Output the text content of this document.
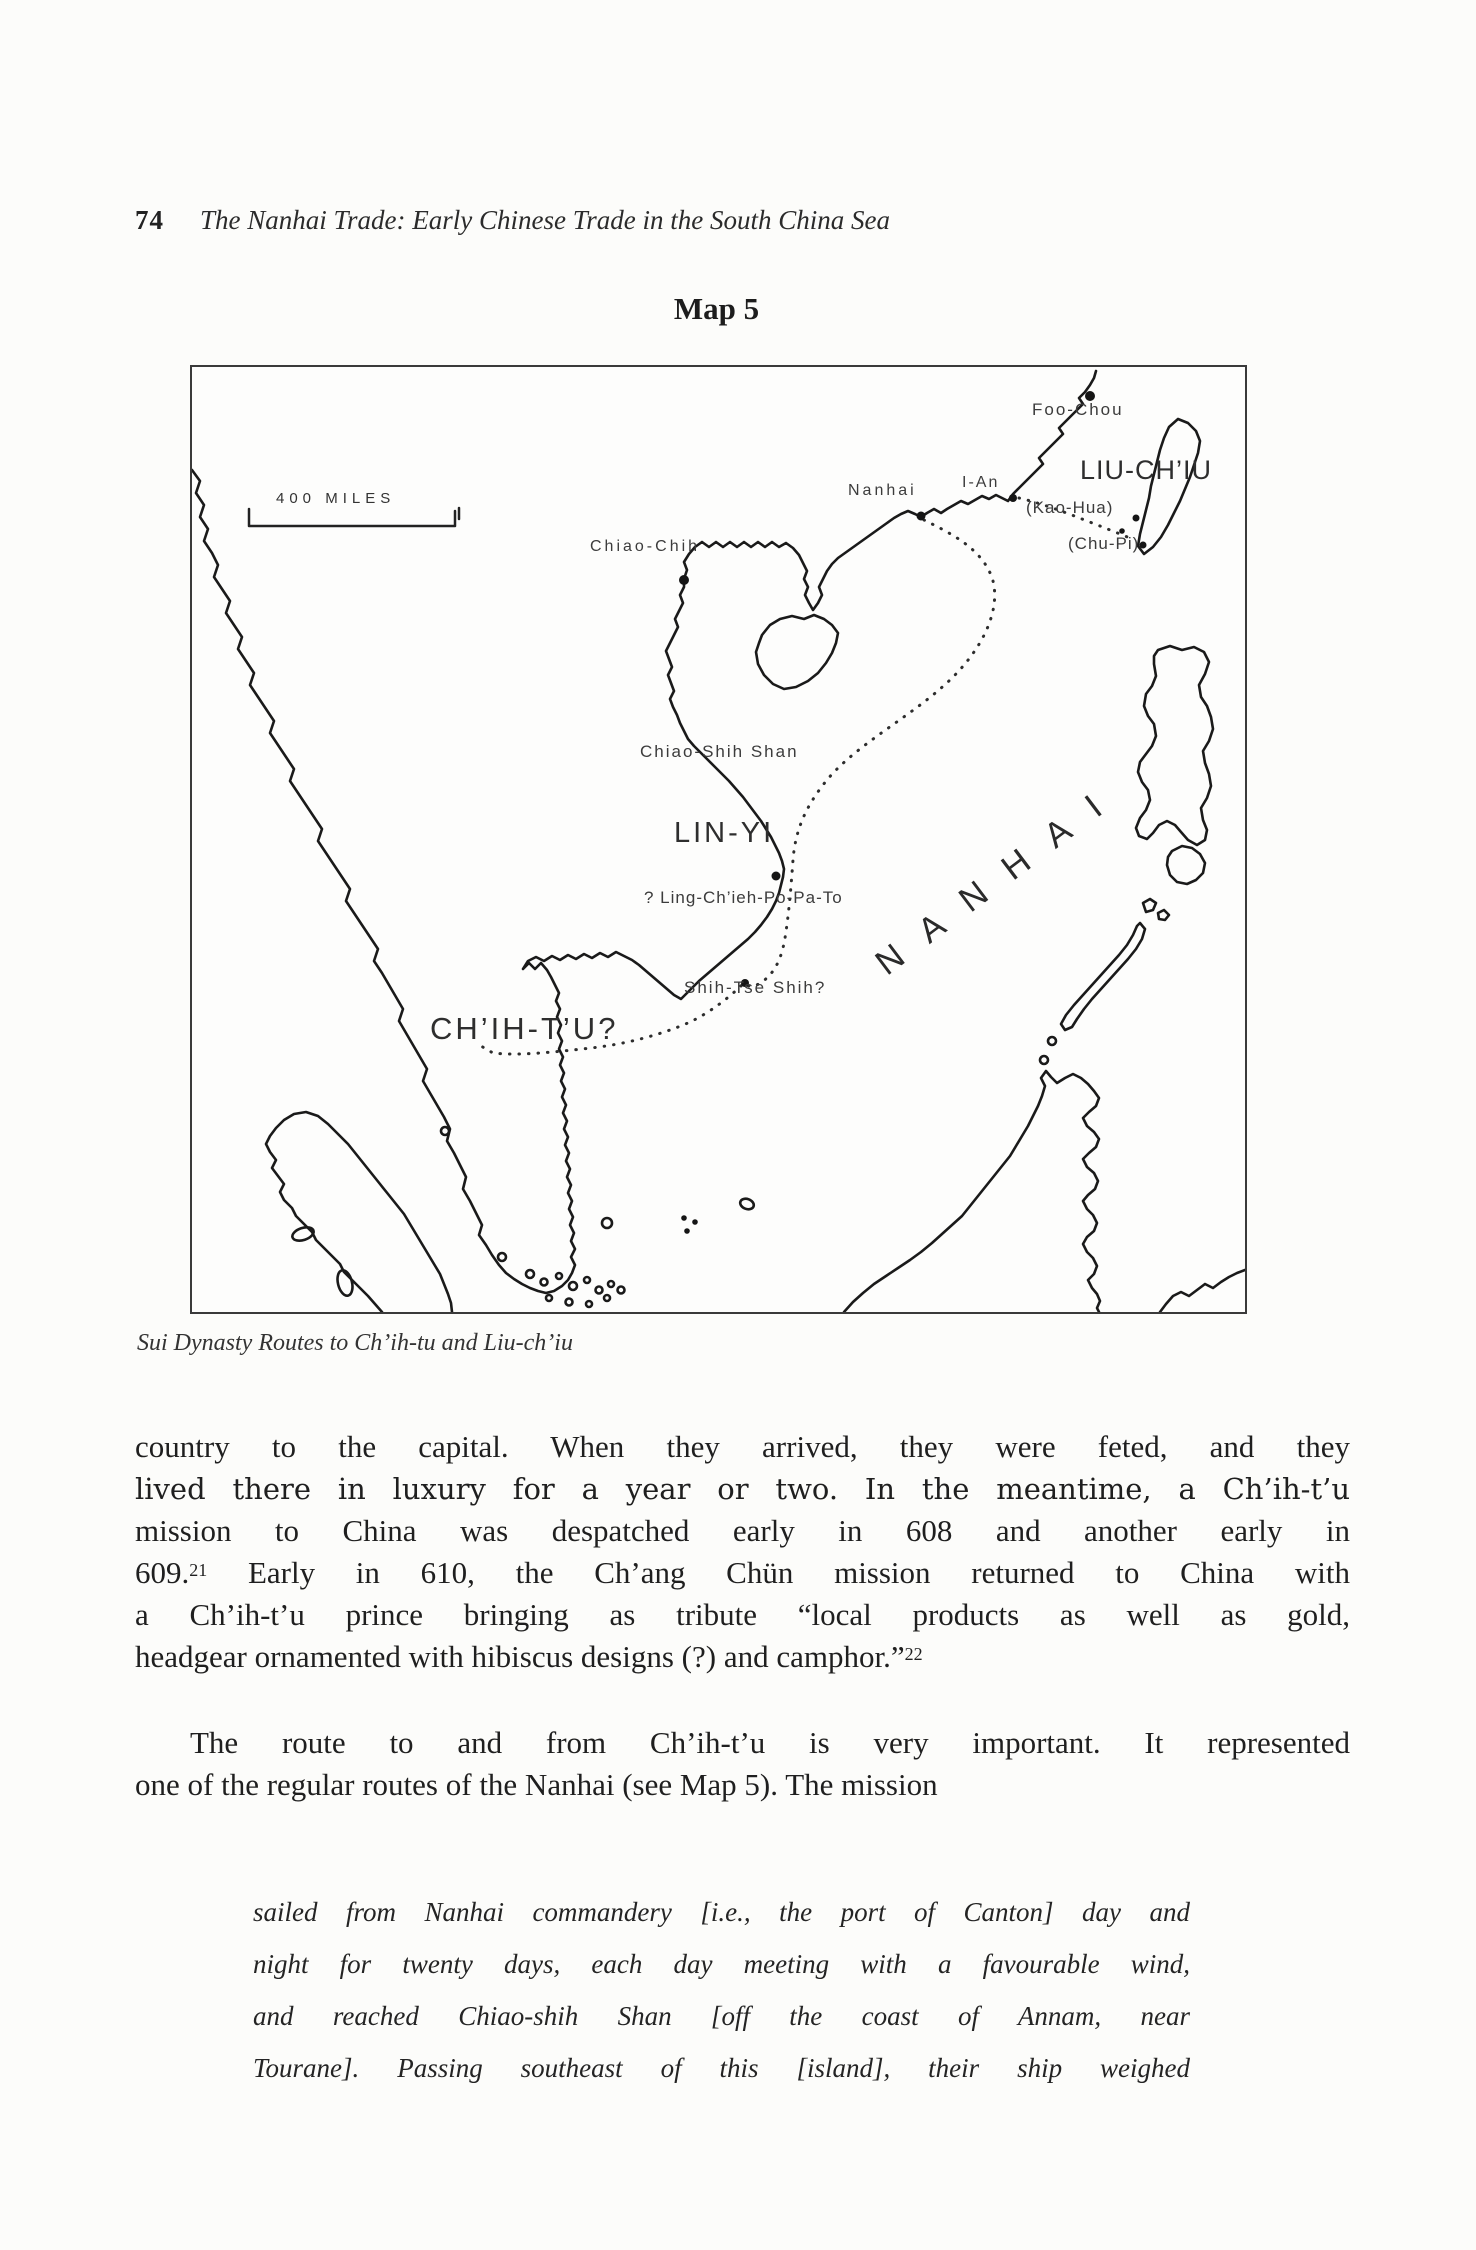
74 The Nanhai Trade: Early Chinese Trade in the South China Sea
Map 5
400 MILES
Foo-Chou
Nanhai	I-An	LIU-CH’IU
(Kao-Hua)
(Chu-Pi)
Chiao-Chih
Chiao-Shih Shan
LIN-YI
? Ling-Ch’ieh-Po-Pa-To
Shih-Tse Shih?
CH’IH-T’U?
NANHAI
Sui Dynasty Routes to Ch’ih-tu and Liu-ch’iu
country to the capital. When they arrived, they were feted, and they
lived there in luxury for a year or two. In the meantime, a Ch’ih-t’u
mission to China was despatched early in 608 and another early in
609.21 Early in 610, the Ch’ang Chün mission returned to China with
a Ch’ih-t’u prince bringing as tribute “local products as well as gold,
headgear ornamented with hibiscus designs (?) and camphor.”$^{22}$
The route to and from Ch’ih-t’u is very important. It represented
one of the regular routes of the Nanhai (see Map 5). The mission
sailed from Nanhai commandery [i.e., the port of Canton] day and
night for twenty days, each day meeting with a favourable wind,
and reached Chiao-shih Shan [off the coast of Annam, near
Tourane]. Passing southeast of this [island], their ship weighed
